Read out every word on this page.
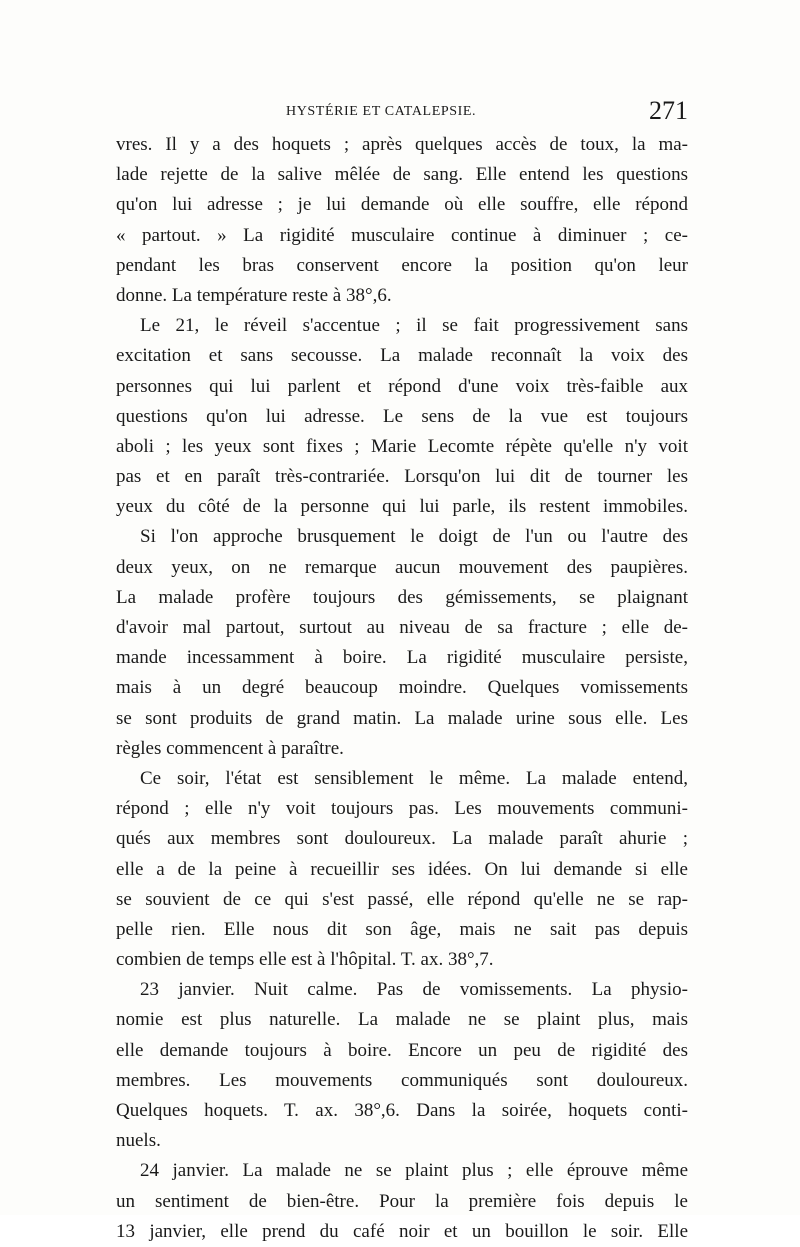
HYSTÉRIE ET CATALEPSIE.	271
vres. Il y a des hoquets ; après quelques accès de toux, la ma-
lade rejette de la salive mêlée de sang. Elle entend les questions
qu'on lui adresse ; je lui demande où elle souffre, elle répond
« partout. » La rigidité musculaire continue à diminuer ; ce-
pendant les bras conservent encore la position qu'on leur
donne. La température reste à 38°,6.
Le 21, le réveil s'accentue ; il se fait progressivement sans
excitation et sans secousse. La malade reconnaît la voix des
personnes qui lui parlent et répond d'une voix très-faible aux
questions qu'on lui adresse. Le sens de la vue est toujours
aboli ; les yeux sont fixes ; Marie Lecomte répète qu'elle n'y voit
pas et en paraît très-contrariée. Lorsqu'on lui dit de tourner les
yeux du côté de la personne qui lui parle, ils restent immobiles.
Si l'on approche brusquement le doigt de l'un ou l'autre des
deux yeux, on ne remarque aucun mouvement des paupières.
La malade profère toujours des gémissements, se plaignant
d'avoir mal partout, surtout au niveau de sa fracture ; elle de-
mande incessamment à boire. La rigidité musculaire persiste,
mais à un degré beaucoup moindre. Quelques vomissements
se sont produits de grand matin. La malade urine sous elle. Les
règles commencent à paraître.
Ce soir, l'état est sensiblement le même. La malade entend,
répond ; elle n'y voit toujours pas. Les mouvements communi-
qués aux membres sont douloureux. La malade paraît ahurie ;
elle a de la peine à recueillir ses idées. On lui demande si elle
se souvient de ce qui s'est passé, elle répond qu'elle ne se rap-
pelle rien. Elle nous dit son âge, mais ne sait pas depuis
combien de temps elle est à l'hôpital. T. ax. 38°,7.
23 janvier. Nuit calme. Pas de vomissements. La physio-
nomie est plus naturelle. La malade ne se plaint plus, mais
elle demande toujours à boire. Encore un peu de rigidité des
membres. Les mouvements communiqués sont douloureux.
Quelques hoquets. T. ax. 38°,6. Dans la soirée, hoquets conti-
nuels.
24 janvier. La malade ne se plaint plus ; elle éprouve même
un sentiment de bien-être. Pour la première fois depuis le
13 janvier, elle prend du café noir et un bouillon le soir. Elle
